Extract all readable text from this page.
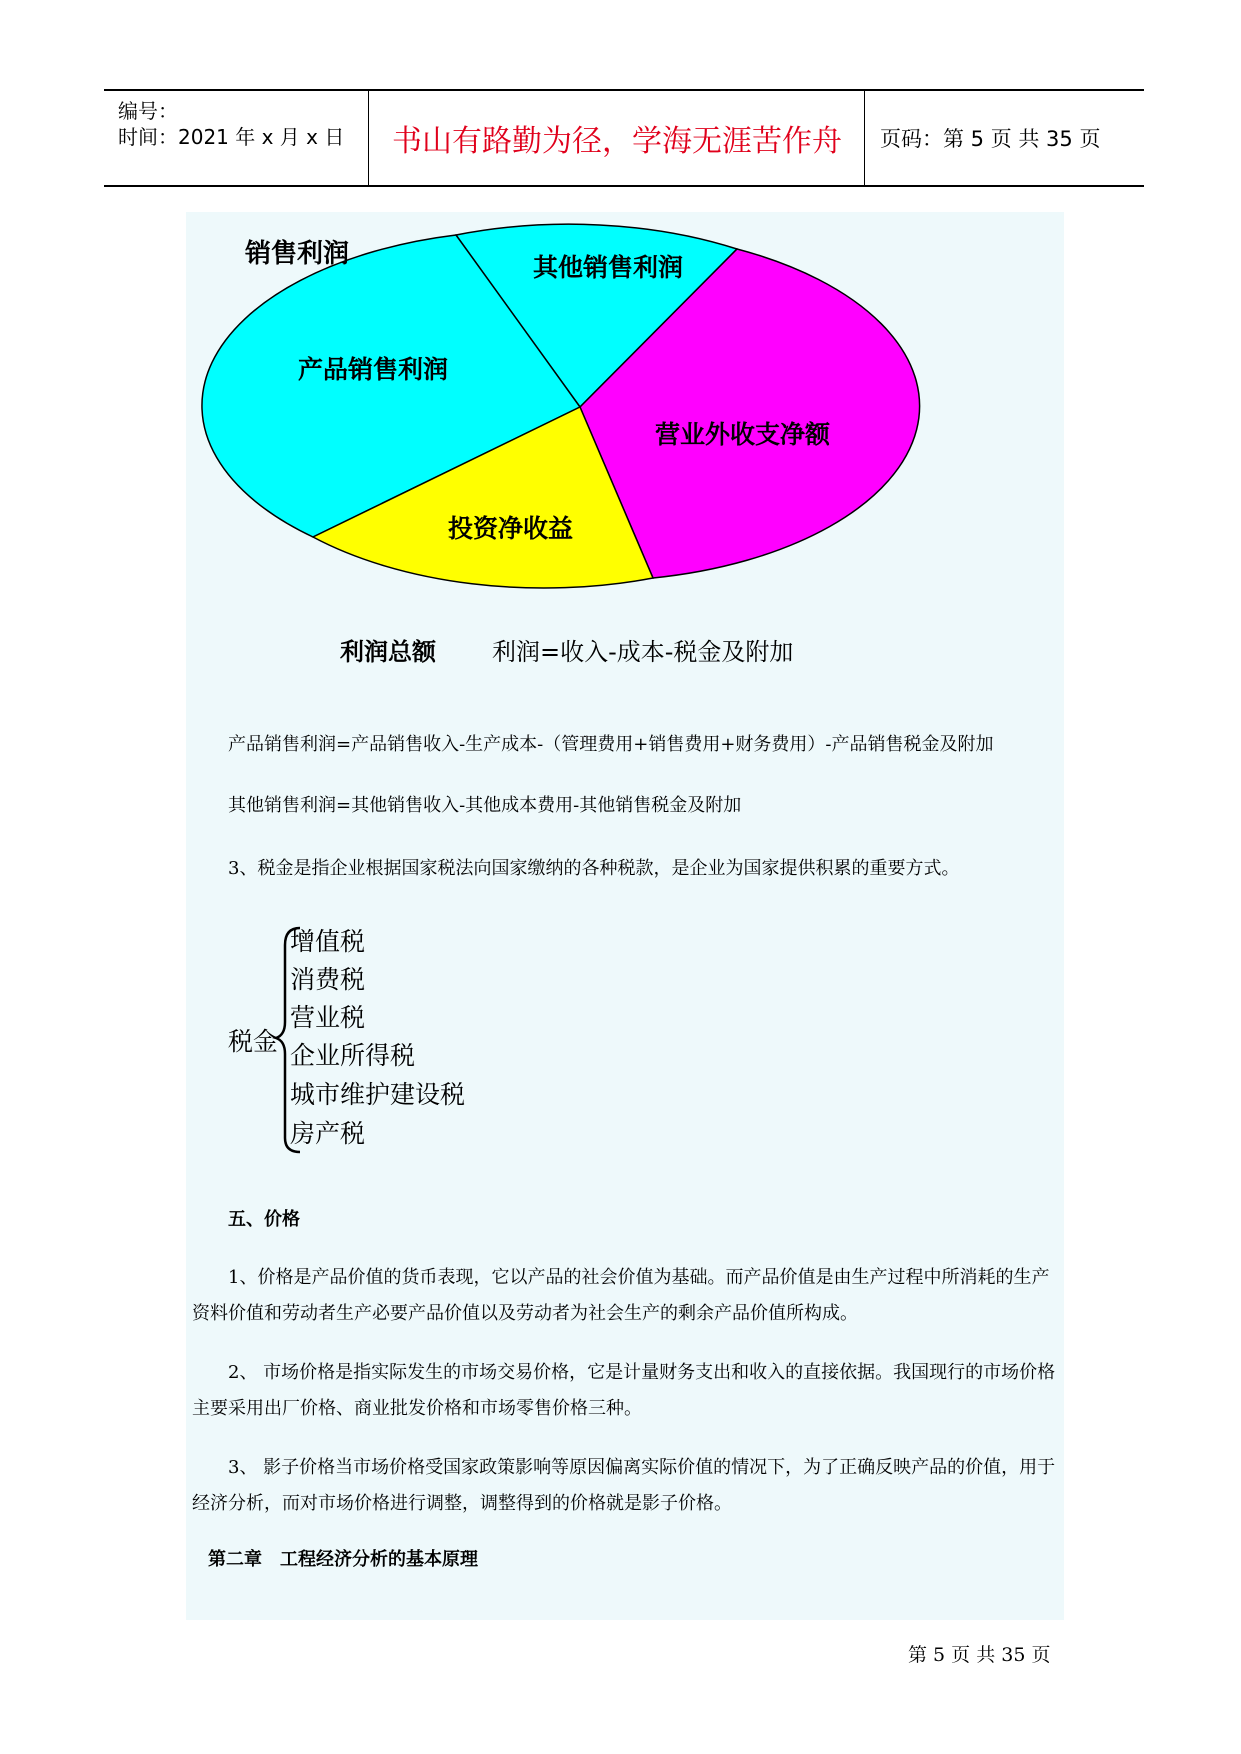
编号：
时间：2021 年 x 月 x 日	书山有路勤为径，学海无涯苦作舟	页码：第 5 页 共 35 页
销售利润	其他销售利润
产品销售利润
营业外收支净额
投资净收益
利润总额 利润=收入-成本-税金及附加
产品销售利润=产品销售收入-生产成本-（管理费用+销售费用+财务费用）-产品销售税金及附加
其他销售利润=其他销售收入-其他成本费用-其他销售税金及附加
3、税金是指企业根据国家税法向国家缴纳的各种税款，是企业为国家提供积累的重要方式。
税金
增值税
消费税
营业税
企业所得税
城市维护建设税
房产税
五、价格
1、价格是产品价值的货币表现，它以产品的社会价值为基础。而产品价值是由生产过程中所消耗的生产资料价值和劳动者生产必要产品价值以及劳动者为社会生产的剩余产品价值所构成。
2、 市场价格是指实际发生的市场交易价格，它是计量财务支出和收入的直接依据。我国现行的市场价格主要采用出厂价格、商业批发价格和市场零售价格三种。
3、 影子价格当市场价格受国家政策影响等原因偏离实际价值的情况下，为了正确反映产品的价值，用于经济分析，而对市场价格进行调整，调整得到的价格就是影子价格。
第二章　工程经济分析的基本原理
第 5 页 共 35 页
